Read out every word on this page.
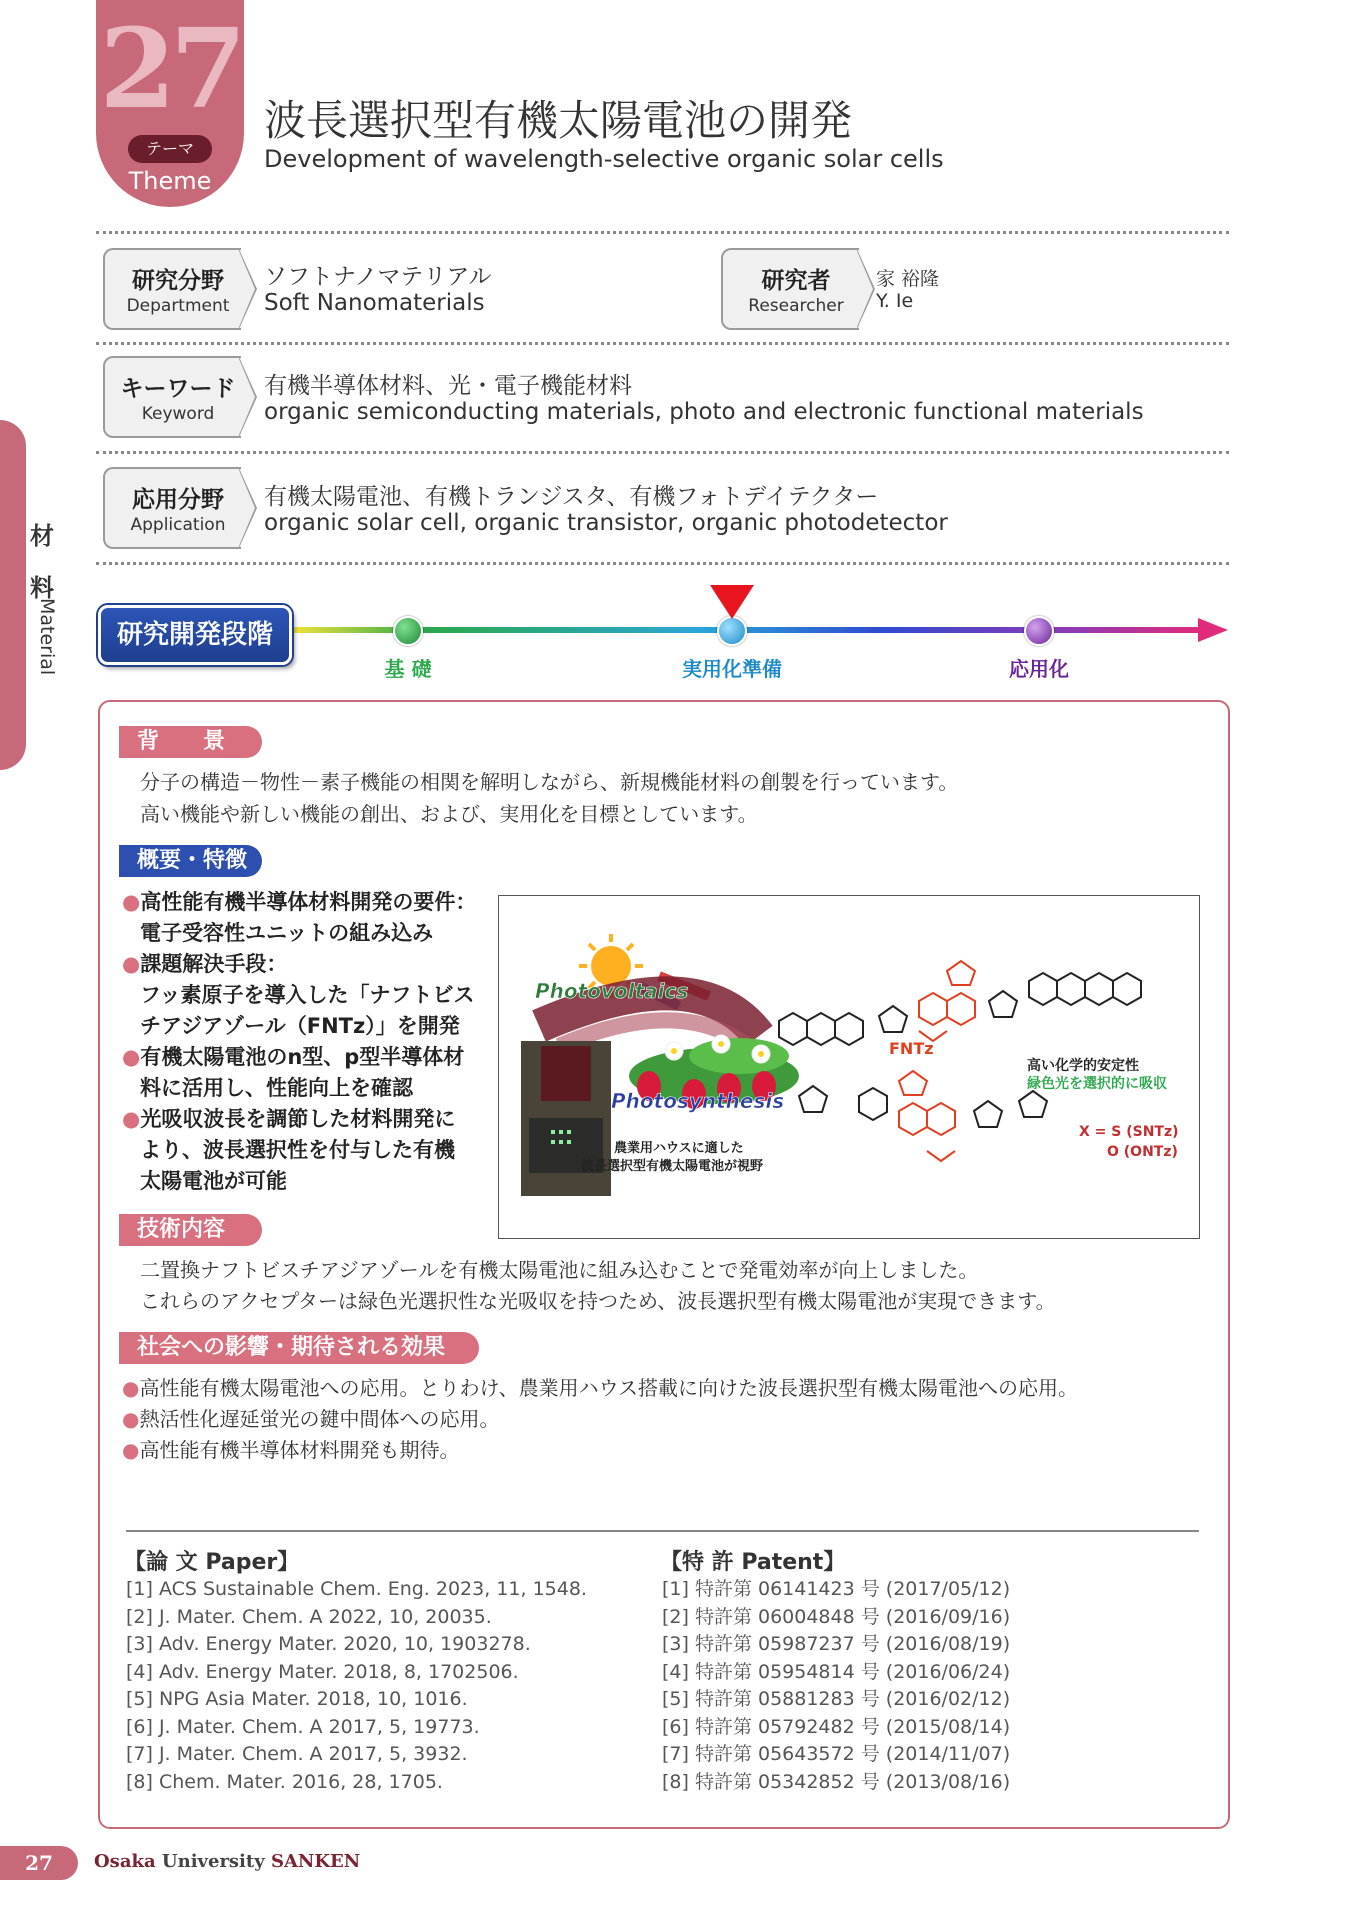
27
テーマ
Theme
波長選択型有機太陽電池の開発
Development of wavelength-selective organic solar cells
研究分野
Department
ソフトナノマテリアル
Soft Nanomaterials
研究者
Researcher
家 裕隆
Y. Ie
キーワード
Keyword
有機半導体材料、光・電子機能材料
organic semiconducting materials, photo and electronic functional materials
応用分野
Application
有機太陽電池、有機トランジスタ、有機フォトデイテクター
organic solar cell, organic transistor, organic photodetector
材
料
Material	研究開発段階
基 礎	実用化準備	応用化
背　　景
分子の構造－物性－素子機能の相関を解明しながら、新規機能材料の創製を行っています。
高い機能や新しい機能の創出、および、実用化を目標としています。
概要・特徴
●高性能有機半導体材料開発の要件：
電子受容性ユニットの組み込み
●課題解決手段：
フッ素原子を導入した「ナフトビス
チアジアゾール（FNTz）」を開発
●有機太陽電池のn型、p型半導体材
料に活用し、性能向上を確認
●光吸収波長を調節した材料開発に
より、波長選択性を付与した有機
太陽電池が可能
FNTz
Photovoltaics
Photosynthesis
農業用ハウスに適した
波長選択型有機太陽電池が視野
高い化学的安定性
緑色光を選択的に吸収
X = S (SNTz)
O (ONTz)
技術内容
二置換ナフトビスチアジアゾールを有機太陽電池に組み込むことで発電効率が向上しました。
これらのアクセプターは緑色光選択性な光吸収を持つため、波長選択型有機太陽電池が実現できます。
社会への影響・期待される効果
●高性能有機太陽電池への応用。とりわけ、農業用ハウス搭載に向けた波長選択型有機太陽電池への応用。
●熱活性化遅延蛍光の鍵中間体への応用。
●高性能有機半導体材料開発も期待。
【論 文 Paper】
[1] ACS Sustainable Chem. Eng. 2023, 11, 1548.
[2] J. Mater. Chem. A 2022, 10, 20035.
[3] Adv. Energy Mater. 2020, 10, 1903278.
[4] Adv. Energy Mater. 2018, 8, 1702506.
[5] NPG Asia Mater. 2018, 10, 1016.
[6] J. Mater. Chem. A 2017, 5, 19773.
[7] J. Mater. Chem. A 2017, 5, 3932.
[8] Chem. Mater. 2016, 28, 1705.
【特 許 Patent】
[1] 特許第 06141423 号 (2017/05/12)
[2] 特許第 06004848 号 (2016/09/16)
[3] 特許第 05987237 号 (2016/08/19)
[4] 特許第 05954814 号 (2016/06/24)
[5] 特許第 05881283 号 (2016/02/12)
[6] 特許第 05792482 号 (2015/08/14)
[7] 特許第 05643572 号 (2014/11/07)
[8] 特許第 05342852 号 (2013/08/16)
27	Osaka University SANKEN
